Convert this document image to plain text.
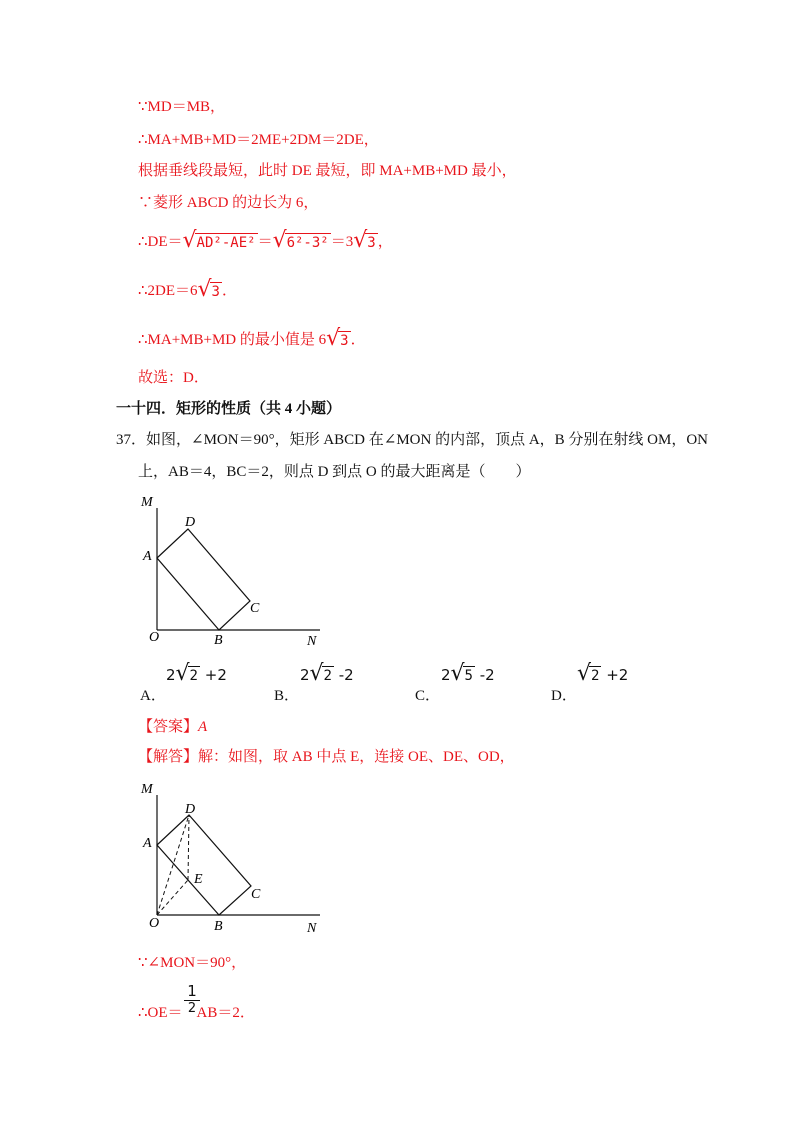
∵MD＝MB，
∴MA+MB+MD＝2ME+2DM＝2DE，
根据垂线段最短，此时 DE 最短，即 MA+MB+MD 最小，
∵菱形 ABCD 的边长为 6，
∴DE＝ √ AD²-AE² ＝ √ 6²-3² ＝3 √ 3 ，
∴2DE＝6 √ 3 ．
∴MA+MB+MD 的最小值是 6 √ 3 ．
故选：D．
一十四．矩形的性质（共 4 小题）
37．如图，∠MON＝90°，矩形 ABCD 在∠MON 的内部，顶点 A，B 分别在射线 OM，ON
上，AB＝4，BC＝2，则点 D 到点 O 的最大距离是（　　）
M
D
A
C
O	B	N
A．
2 √ 2 +2
B．
2 √ 2 -2
C．
2 √ 5 -2
D．
√ 2 +2
【答案】A
【解答】解：如图，取 AB 中点 E，连接 OE、DE、OD，
M
D
A
E
C
O	B	N
∵∠MON＝90°，
$\frac{1}{2}$
∴OE＝ AB＝2．
